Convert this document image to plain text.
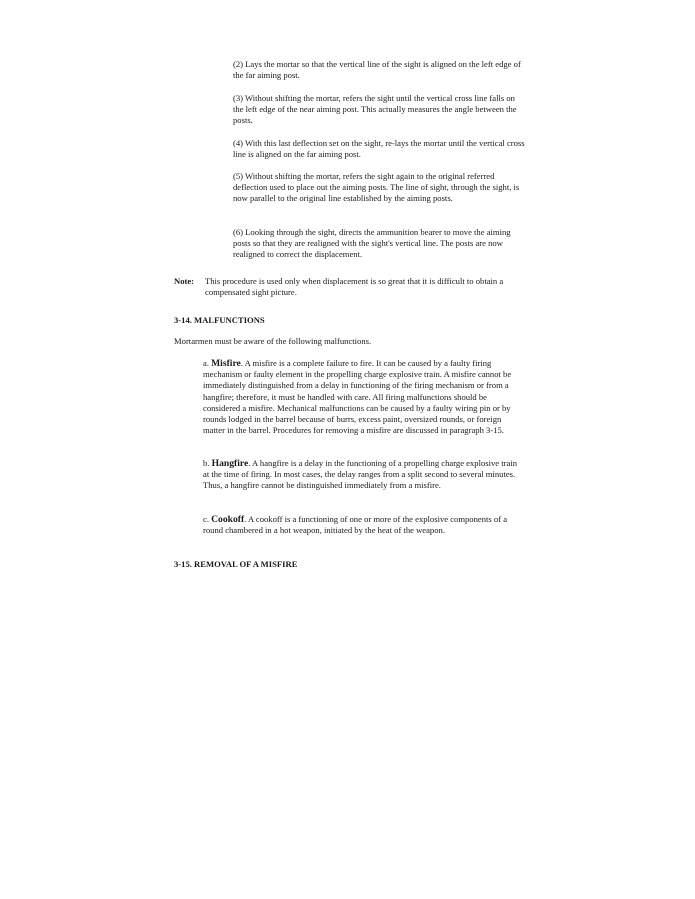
(2) Lays the mortar so that the vertical line of the sight is aligned on the left edge of the far aiming post.

(3) Without shifting the mortar, refers the sight until the vertical cross line falls on the left edge of the near aiming post. This actually measures the angle between the posts.

(4) With this last deflection set on the sight, re-lays the mortar until the vertical cross line is aligned on the far aiming post.

(5) Without shifting the mortar, refers the sight again to the original referred deflection used to place out the aiming posts. The line of sight, through the sight, is now parallel to the original line established by the aiming posts.

(6) Looking through the sight, directs the ammunition bearer to move the aiming posts so that they are realigned with the sight's vertical line. The posts are now realigned to correct the displacement.

Note: This procedure is used only when displacement is so great that it is difficult to obtain a compensated sight picture.

3-14. MALFUNCTIONS

Mortarmen must be aware of the following malfunctions.

a. Misfire. A misfire is a complete failure to fire. It can be caused by a faulty firing mechanism or faulty element in the propelling charge explosive train. A misfire cannot be immediately distinguished from a delay in functioning of the firing mechanism or from a hangfire; therefore, it must be handled with care. All firing malfunctions should be considered a misfire. Mechanical malfunctions can be caused by a faulty wiring pin or by rounds lodged in the barrel because of burrs, excess paint, oversized rounds, or foreign matter in the barrel. Procedures for removing a misfire are discussed in paragraph 3-15.

b. Hangfire. A hangfire is a delay in the functioning of a propelling charge explosive train at the time of firing. In most cases, the delay ranges from a split second to several minutes. Thus, a hangfire cannot be distinguished immediately from a misfire.

c. Cookoff. A cookoff is a functioning of one or more of the explosive components of a round chambered in a hot weapon, initiated by the heat of the weapon.

3-15. REMOVAL OF A MISFIRE
